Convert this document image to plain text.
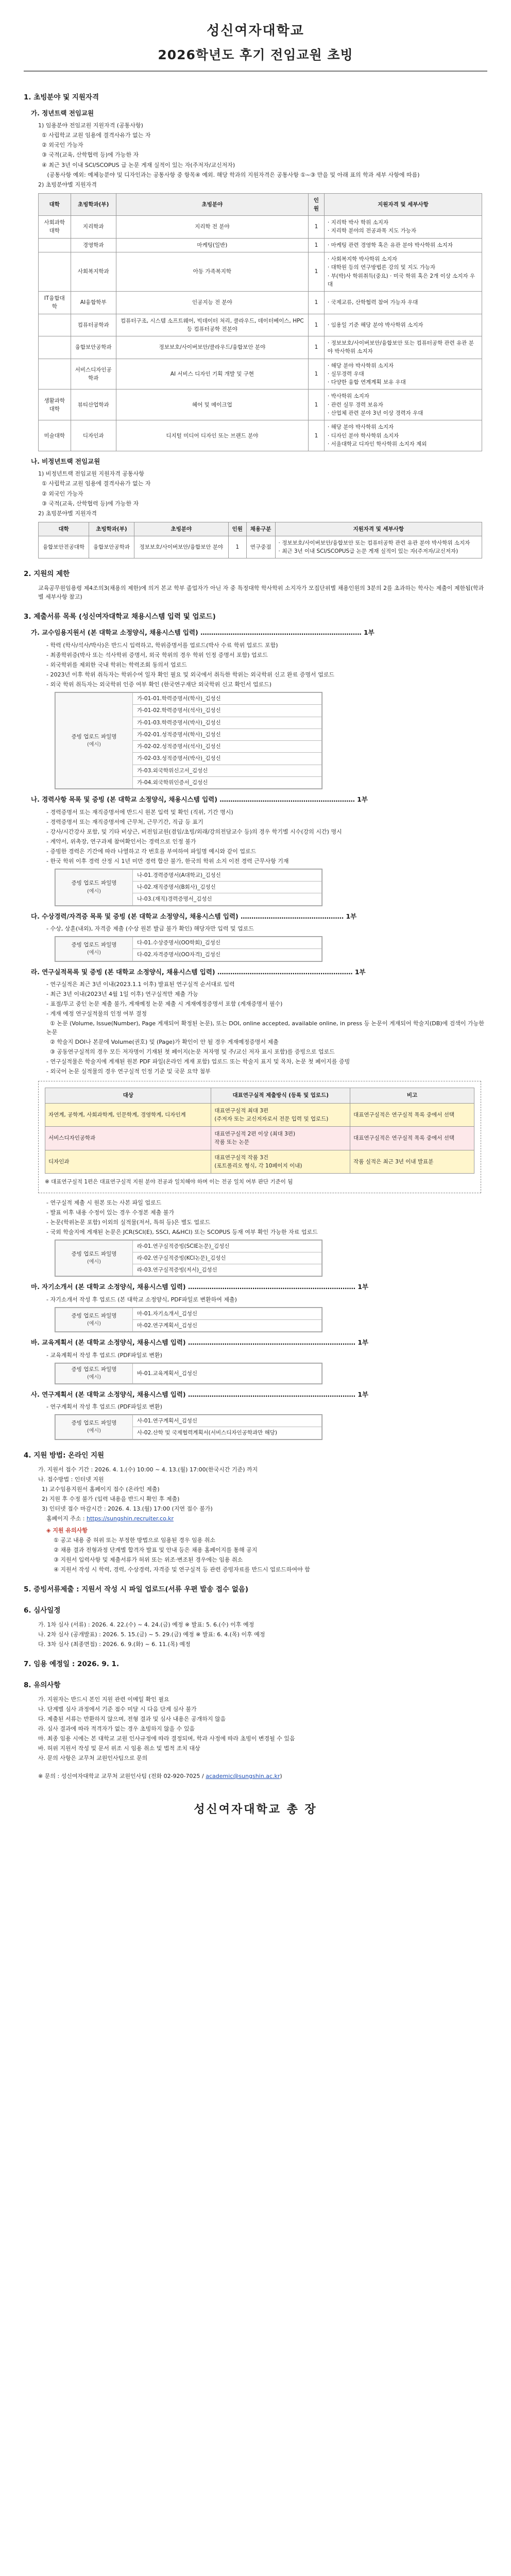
성신여자대학교
2026학년도 후기 전임교원 초빙
1. 초빙분야 및 지원자격
가. 정년트랙 전임교원
1) 임용분야 전임교원 지원자격 (공통사항)
① 사립학교 교원 임용에 결격사유가 없는 자
② 외국인 가능자
③ 국적(교육, 산학협력 등)에 가능한 자
④ 최근 3년 이내 SCI/SCOPUS 급 논문 게재 실적이 있는 자(주저자/교신저자)
(공통사항 예외: 예체능분야 및 디자인과는 공통사항 중 항목④ 예외. 해당 학과의 지원자격은 공통사항 ①~③ 만을 및 아래 표의 학과 세부 사항에 따름)
2) 초빙분야별 지원자격
대학	초빙학과(부)	초빙분야	인원	지원자격 및 세부사항
사회과학대학	지리학과	지리학 전 분야	1	· 지리학 박사 학위 소지자
· 지리학 분야의 전공과목 지도 가능자
	경영학과	마케팅(일반)	1	· 마케팅 관련 경영학 혹은 유관 분야 박사학위 소지자
	사회복지학과	아동 가족복지학	1	· 사회복지학 박사학위 소지자
· 대학원 등의 연구방법론 강의 및 지도 가능자
· 부(박)사 학위취득(중요) · 미국 학위 혹은 2개 이상 소지자 우대
IT융합대학	AI융합학부	인공지능 전 분야	1	· 국제교류, 산학협력 참여 가능자 우대
	컴퓨터공학과	컴퓨터구조, 시스템 소프트웨어, 빅데이터 처리, 클라우드, 데이터베이스, HPC 등 컴퓨터공학 전분야	1	· 임용일 기준 해당 분야 박사학위 소지자
	융합보안공학과	정보보호/사이버보안/클라우드/융합보안 분야	1	· 정보보호/사이버보안/융합보안 또는 컴퓨터공학 관련 유관 분야 박사학위 소지자
	서비스디자인공학과	AI 서비스 디자인 기획 개발 및 구현	1	· 해당 분야 박사학위 소지자
· 실무경력 우대
· 다양한 융합 연계계획 보유 우대
생활과학대학	뷰티산업학과	헤어 및 메이크업	1	· 박사학위 소지자
· 관련 실무 경력 보유자
· 산업체 관련 분야 3년 이상 경력자 우대
미술대학	디자인과	디지털 미디어 디자인 또는 브랜드 분야	1	· 해당 분야 박사학위 소지자
· 디자인 분야 학사학위 소지자
· 서울대학교 디자인 학사학위 소지자 제외
나. 비정년트랙 전임교원
1) 비정년트랙 전임교원 지원자격 공통사항
① 사립학교 교원 임용에 결격사유가 없는 자
② 외국인 가능자
③ 국적(교육, 산학협력 등)에 가능한 자
2) 초빙분야별 지원자격
대학	초빙학과(부)	초빙분야	인원	채용구분	지원자격 및 세부사항
융합보안전공대학	융합보안공학과	정보보호/사이버보안/융합보안 분야	1	연구중점	· 정보보호/사이버보안/융합보안 또는 컴퓨터공학 관련 유관 분야 박사학위 소지자
· 최근 3년 이내 SCI/SCOPUS급 논문 게재 실적이 있는 자(주저자/교신저자)
2. 지원의 제한
교육공무원임용령 제4조의3(채용의 제한)에 의거 본교 학부 졸업자가 아닌 자 중 특정대학 학사학위 소지자가 모집단위별 채용인원의 3분의 2를 초과하는 학사는 제출이 제한됨(학과별 세부사항 참고)
3. 제출서류 목록 (성신여자대학교 채용시스템 입력 및 업로드)
가. 교수임용지원서 (본 대학교 소정양식, 채용시스템 입력) ………………………………………………………………… 1부
- 학력 (학사/석사/박사)은 반드시 입력하고, 학위증명서를 업로드(박사 수료 학위 업로드 포함)
- 최종학위증(박사 또는 석사학위 증명서, 외국 학위의 경우 학위 인정 증명서 포함) 업로드
- 외국학위를 제외한 국내 학위는 학력조회 동의서 업로드
- 2023년 이후 학위 취득자는 학위수여 일자 확인 필요 및 외국에서 취득한 학위는 외국학위 신고 완료 증명서 업로드
- 외국 학위 취득자는 외국학위 인증 여부 확인 (한국연구재단 외국학위 신고 확인서 업로드)
증빙 업로드 파일명
(예시)
	가-01-01.학력증명서(학사)_김성신
가-01-02.학력증명서(석사)_김성신
가-01-03.학력증명서(박사)_김성신
가-02-01.성적증명서(학사)_김성신
가-02-02.성적증명서(석사)_김성신
가-02-03.성적증명서(박사)_김성신
가-03.외국학위신고서_김성신
가-04.외국학위인증서_김성신
나. 경력사항 목록 및 증빙 (본 대학교 소정양식, 채용시스템 입력) ……………………………………………………… 1부
- 경력증명서 또는 재직증명서에 반드시 원본 입력 및 확인 (직위, 기간 명시)
- 경력증명서 또는 재직증명서에 근무처, 근무기간, 직급 등 표기
- 강사/시간강사 포함, 및 기타 비상근, 비전임교원(겸임/초빙/외래/강의전담교수 등)의 경우 학기별 시수(강의 시간) 명시
- 계약서, 위촉장, 연구과제 참여확인서는 경력으로 인정 불가
- 증빙한 경력은 기간에 따라 나열하고 각 번호를 부여하여 파일명 예시와 같이 업로드
- 한국 학위 이후 경력 산정 시 1년 미만 경력 합산 불가, 한국의 학위 소지 이전 경력 근무사항 기재
증빙 업로드 파일명
(예시)
	나-01.경력증명서(A대학교)_김성신
나-02.재직증명서(B회사)_김성신
나-03.(재직)경력증명서_김성신
다. 수상경력/자격증 목록 및 증빙 (본 대학교 소정양식, 채용시스템 입력) ………………………………………… 1부
- 수상, 상훈(내외), 자격증 제출 (수상 원본 발급 불가 확인) 해당자만 입력 및 업로드
증빙 업로드 파일명
(예시)
	다-01.수상증명서(OO학회)_김성신
다-02.자격증명서(OO자격)_김성신
라. 연구실적목록 및 증빙 (본 대학교 소정양식, 채용시스템 입력) ……………………………………………………… 1부
- 연구실적은 최근 3년 이내(2023.1.1 이후) 발표된 연구실적 순서대로 입력
- 최근 3년 이내(2023년 4월 1일 이후) 연구실적만 제출 가능
- 표절/투고 중인 논문 제출 불가, 게재예정 논문 제출 시 게재예정증명서 포함 (게재증명서 필수)
- 게재 예정 연구실적물의 인정 여부 결정
① 논문 (Volume, Issue(Number), Page 게재되어 확정된 논문), 또는 DOI, online accepted, available online, in press 등 논문이 게재되어 학술지(DB)에 검색이 가능한 논문
② 학술지 DOI나 본문에 Volume(권호) 및 (Page)가 확인이 안 될 경우 게재예정증명서 제출
③ 공동연구실적의 경우 모든 저자명이 기재된 첫 페이지(논문 저자명 및 주/교신 저자 표시 포함)를 증빙으로 업로드
- 연구실적물은 학술지에 게재된 원본 PDF 파일(온라인 게재 포함) 업로드 또는 학술지 표지 및 목차, 논문 첫 페이지를 증빙
- 외국어 논문 실적물의 경우 연구실적 인정 기준 및 국문 요약 첨부
대상	대표연구실적 제출방식 (등록 및 업로드)	비고
자연계, 공학계, 사회과학계, 인문학계, 경영학계, 디자인계	대표연구실적 최대 3편
(주저자 또는 교신저자로서 전문 입력 및 업로드)	대표연구실적은 연구실적 목록 중에서 선택
서비스디자인공학과	대표연구실적 2편 이상 (최대 3편)
작품 또는 논문	대표연구실적은 연구실적 목록 중에서 선택
디자인과	대표연구실적 작품 3건
(포트폴리오 형식, 각 10페이지 이내)	작품 실적은 최근 3년 이내 발표분
※ 대표연구실적 1편은 대표연구실적 지원 분야 전공과 일치해야 하며 이는 전공 일치 여부 판단 기준이 됨
- 연구실적 제출 시 원본 또는 사본 파일 업로드
- 발표 이후 내용 수정이 있는 경우 수정본 제출 불가
- 논문(학위논문 포함) 이외의 실적물(저서, 특허 등)은 별도 업로드
- 국외 학술지에 게재된 논문은 JCR(SCI(E), SSCI, A&HCI) 또는 SCOPUS 등재 여부 확인 가능한 자료 업로드
증빙 업로드 파일명
(예시)
	라-01.연구실적증빙(SCIE논문)_김성신
라-02.연구실적증빙(KCI논문)_김성신
라-03.연구실적증빙(저서)_김성신
마. 자기소개서 (본 대학교 소정양식, 채용시스템 입력) …………………………………………………………………… 1부
- 자기소개서 작성 후 업로드 (본 대학교 소정양식, PDF파일로 변환하여 제출)
증빙 업로드 파일명
(예시)
	마-01.자기소개서_김성신
마-02.연구계획서_김성신
바. 교육계획서 (본 대학교 소정양식, 채용시스템 입력) …………………………………………………………………… 1부
- 교육계획서 작성 후 업로드 (PDF파일로 변환)
증빙 업로드 파일명
(예시)
	바-01.교육계획서_김성신
사. 연구계획서 (본 대학교 소정양식, 채용시스템 입력) …………………………………………………………………… 1부
- 연구계획서 작성 후 업로드 (PDF파일로 변환)
증빙 업로드 파일명
(예시)
	사-01.연구계획서_김성신
사-02.산학 및 국제협력계획서(서비스디자인공학과만 해당)
4. 지원 방법: 온라인 지원
가. 지원서 접수 기간 : 2026. 4. 1.(수) 10:00 ~ 4. 13.(월) 17:00(한국시간 기준) 까지
나. 접수방법 : 인터넷 지원
1) 교수임용지원서 홈페이지 접수 (온라인 제출)
2) 지원 후 수정 불가 (입력 내용을 반드시 확인 후 제출)
3) 인터넷 접수 마감시간 : 2026. 4. 13.(월) 17:00 (지연 접수 불가)
홈페이지 주소 : https://sungshin.recruiter.co.kr
◈ 지원 유의사항
① 공고 내용 중 허위 또는 부정한 방법으로 임용된 경우 임용 취소
② 채용 결과 전형과정 단계별 합격자 발표 및 안내 등은 채용 홈페이지를 통해 공지
③ 지원서 입력사항 및 제출서류가 허위 또는 위조·변조된 경우에는 임용 취소
④ 지원서 작성 시 학력, 경력, 수상경력, 자격증 및 연구실적 등 관련 증빙자료를 반드시 업로드하여야 함
5. 증빙서류제출 : 지원서 작성 시 파일 업로드(서류 우편 발송 접수 없음)
6. 심사일정
가. 1차 심사 (서류) : 2026. 4. 22.(수) ~ 4. 24.(금) 예정 ※ 발표: 5. 6.(수) 이후 예정
나. 2차 심사 (공개발표) : 2026. 5. 15.(금) ~ 5. 29.(금) 예정 ※ 발표: 6. 4.(목) 이후 예정
다. 3차 심사 (최종면접) : 2026. 6. 9.(화) ~ 6. 11.(목) 예정
7. 임용 예정일 : 2026. 9. 1.
8. 유의사항
가. 지원자는 반드시 본인 지원 관련 이메일 확인 필요
나. 단계별 심사 과정에서 기준 점수 미달 시 다음 단계 심사 불가
다. 제출된 서류는 반환하지 않으며, 전형 결과 및 심사 내용은 공개하지 않음
라. 심사 결과에 따라 적격자가 없는 경우 초빙하지 않을 수 있음
마. 최종 임용 시에는 본 대학교 교원 인사규정에 따라 결정되며, 학과 사정에 따라 초빙이 변경될 수 있음
바. 허위 지원서 작성 및 문서 위조 시 임용 취소 및 법적 조치 대상
사. 문의 사항은 교무처 교원인사팀으로 문의
※ 문의 : 성신여자대학교 교무처 교원인사팀 (전화 02-920-7025 / academic@sungshin.ac.kr)
성신여자대학교 총 장
